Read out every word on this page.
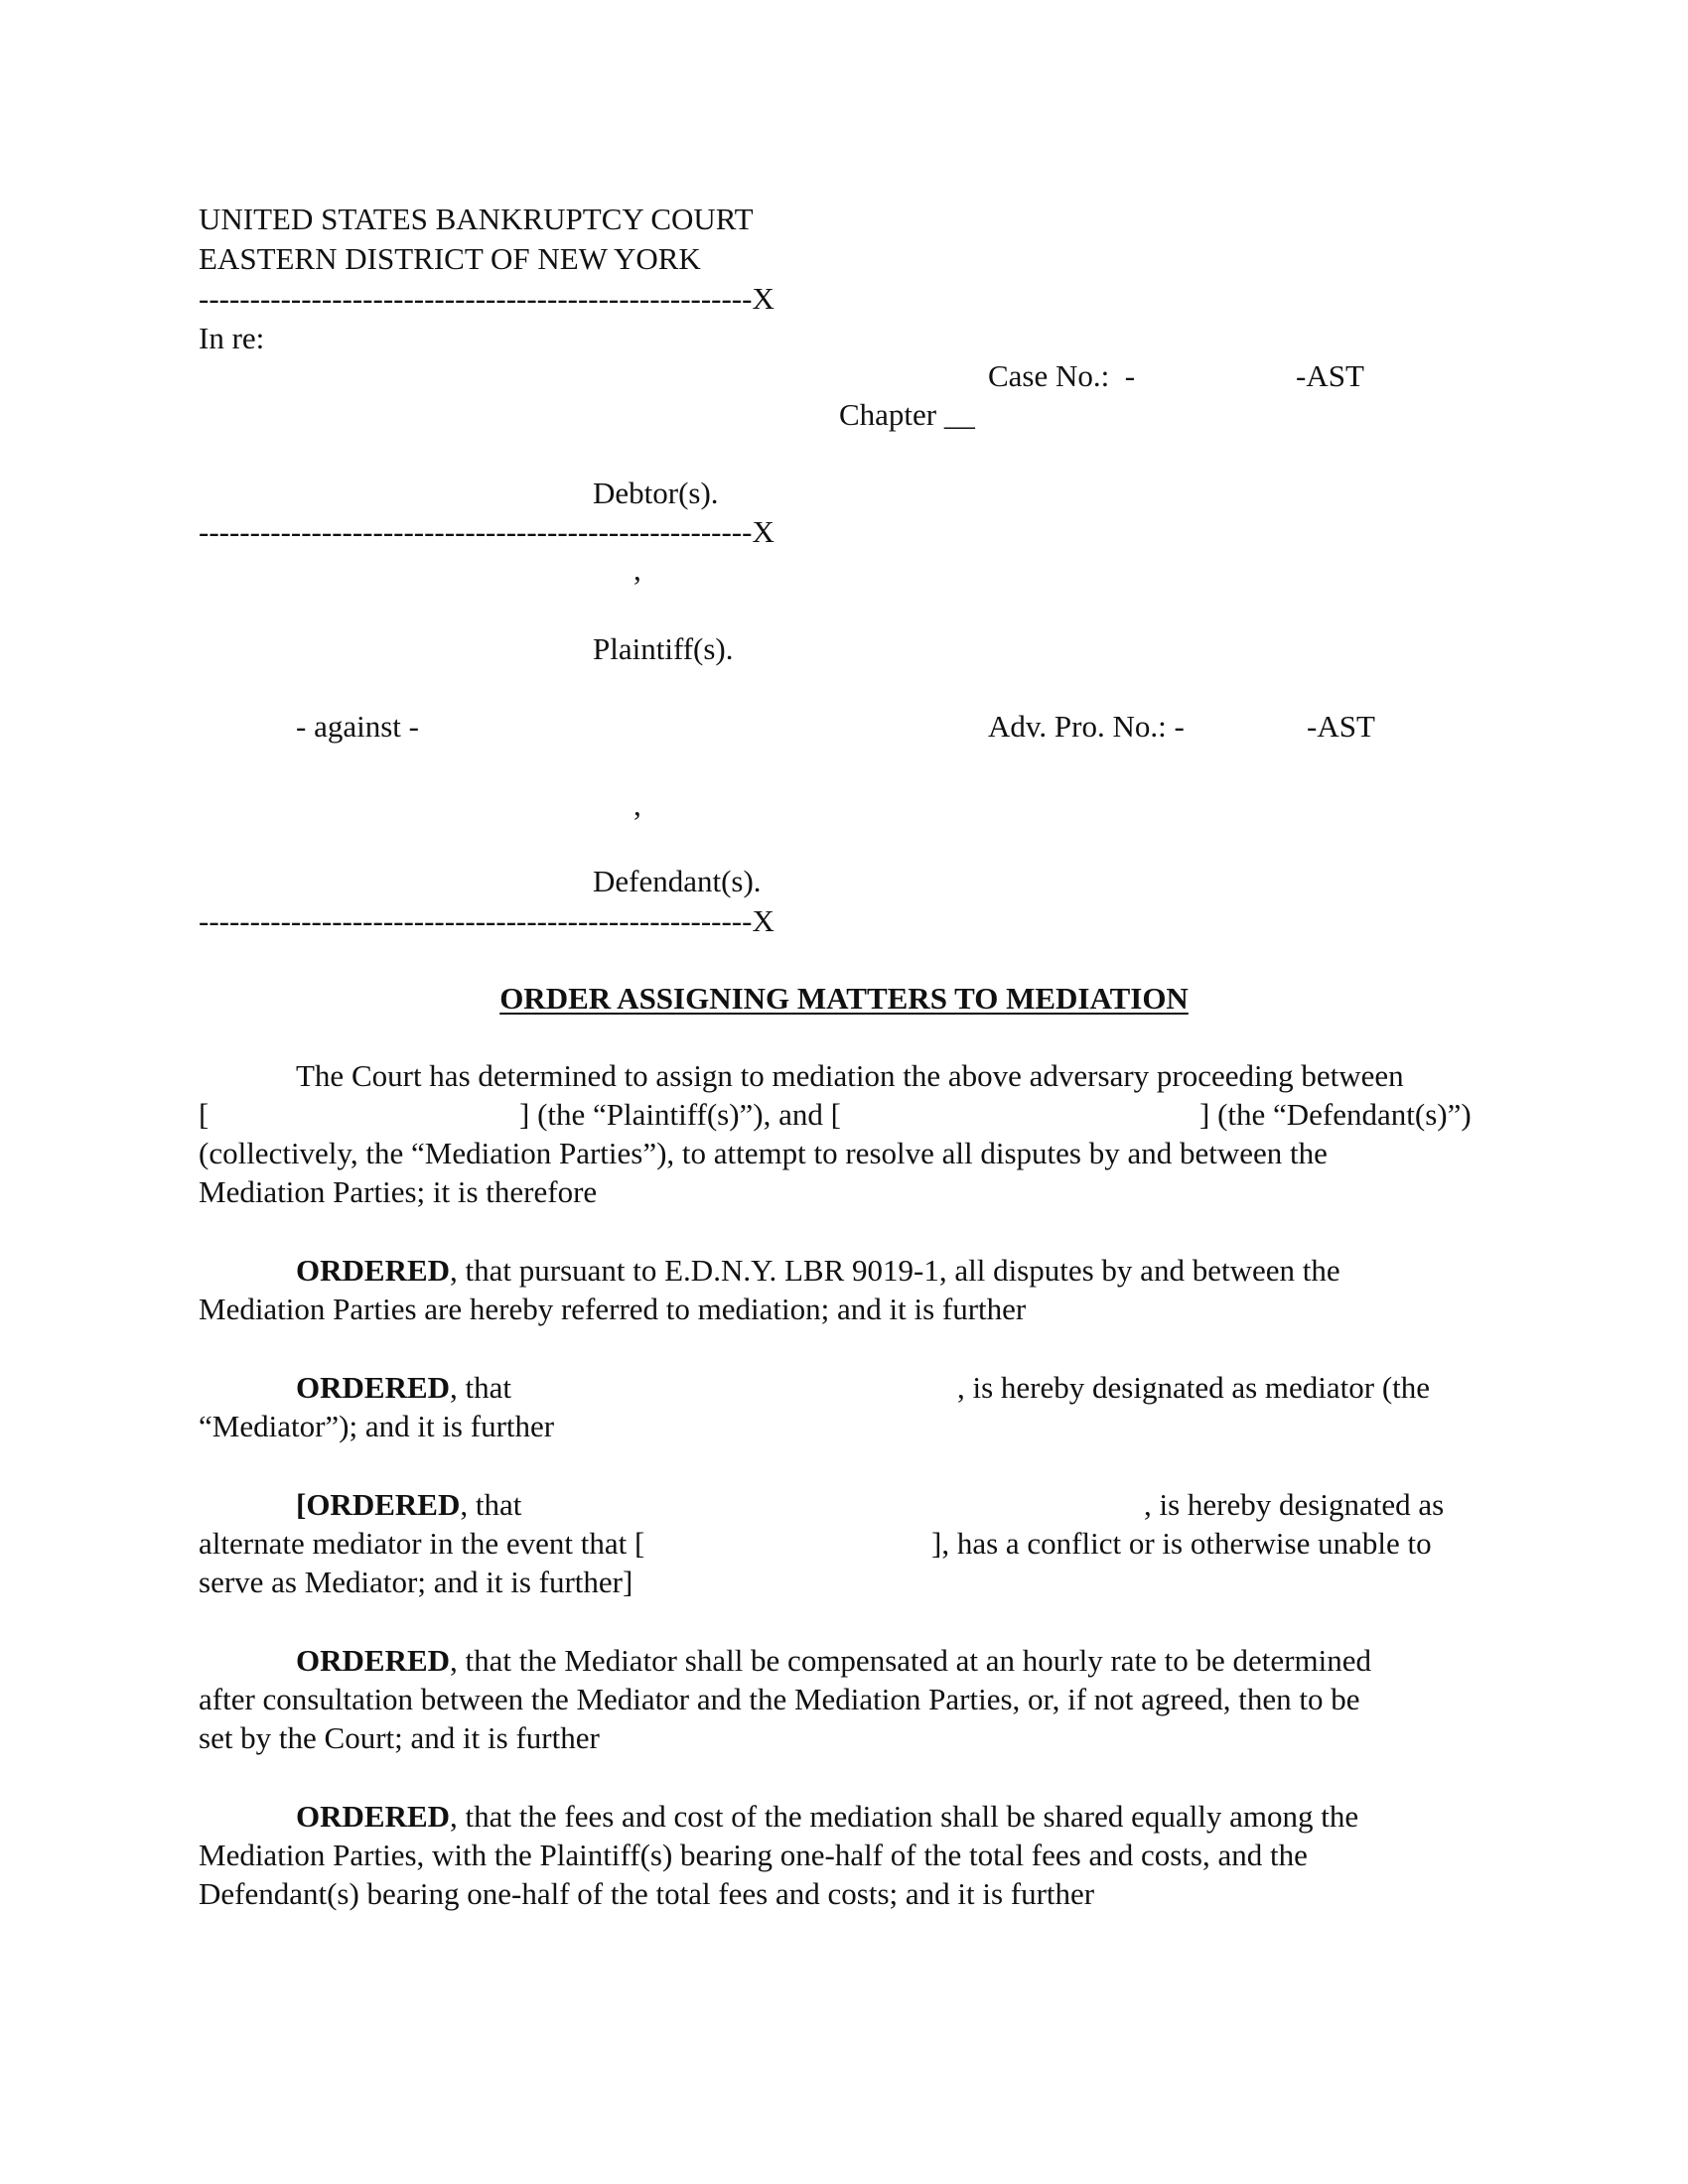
UNITED STATES BANKRUPTCY COURT
EASTERN DISTRICT OF NEW YORK
------------------------------------------------------X
In re:
Case No.:  -	-AST
Chapter __
Debtor(s).
------------------------------------------------------X
,
Plaintiff(s).
- against -	Adv. Pro. No.: -	-AST
,
Defendant(s).
------------------------------------------------------X
ORDER ASSIGNING MATTERS TO MEDIATION
The Court has determined to assign to mediation the above adversary proceeding between
[	] (the “Plaintiff(s)”), and [	] (the “Defendant(s)”)
(collectively, the “Mediation Parties”), to attempt to resolve all disputes by and between the
Mediation Parties; it is therefore
ORDERED, that pursuant to E.D.N.Y. LBR 9019-1, all disputes by and between the
Mediation Parties are hereby referred to mediation; and it is further
ORDERED, that	, is hereby designated as mediator (the
“Mediator”); and it is further
[ORDERED, that	, is hereby designated as
alternate mediator in the event that [	], has a conflict or is otherwise unable to
serve as Mediator; and it is further]
ORDERED, that the Mediator shall be compensated at an hourly rate to be determined
after consultation between the Mediator and the Mediation Parties, or, if not agreed, then to be
set by the Court; and it is further
ORDERED, that the fees and cost of the mediation shall be shared equally among the
Mediation Parties, with the Plaintiff(s) bearing one-half of the total fees and costs, and the
Defendant(s) bearing one-half of the total fees and costs; and it is further
